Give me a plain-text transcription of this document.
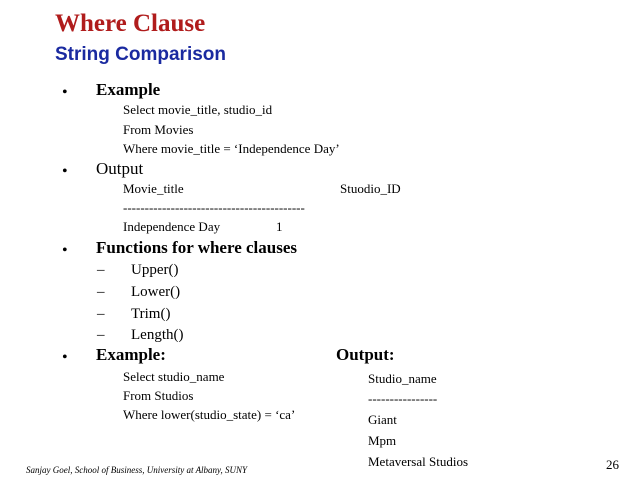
Where Clause
String Comparison
• Example
Select movie_title, studio_id
From Movies
Where movie_title = ‘Independence Day’
• Output
Movie_title	Stuodio_ID
------------------------------------------
Independence Day	1
• Functions for where clauses
– Upper()
– Lower()
– Trim()
– Length()
• Example:
Select studio_name
From Studios
Where lower(studio_state) = ‘ca’
Output:
Studio_name
----------------
Giant
Mpm
Metaversal Studios
Sanjay Goel, School of Business, University at Albany, SUNY	26
